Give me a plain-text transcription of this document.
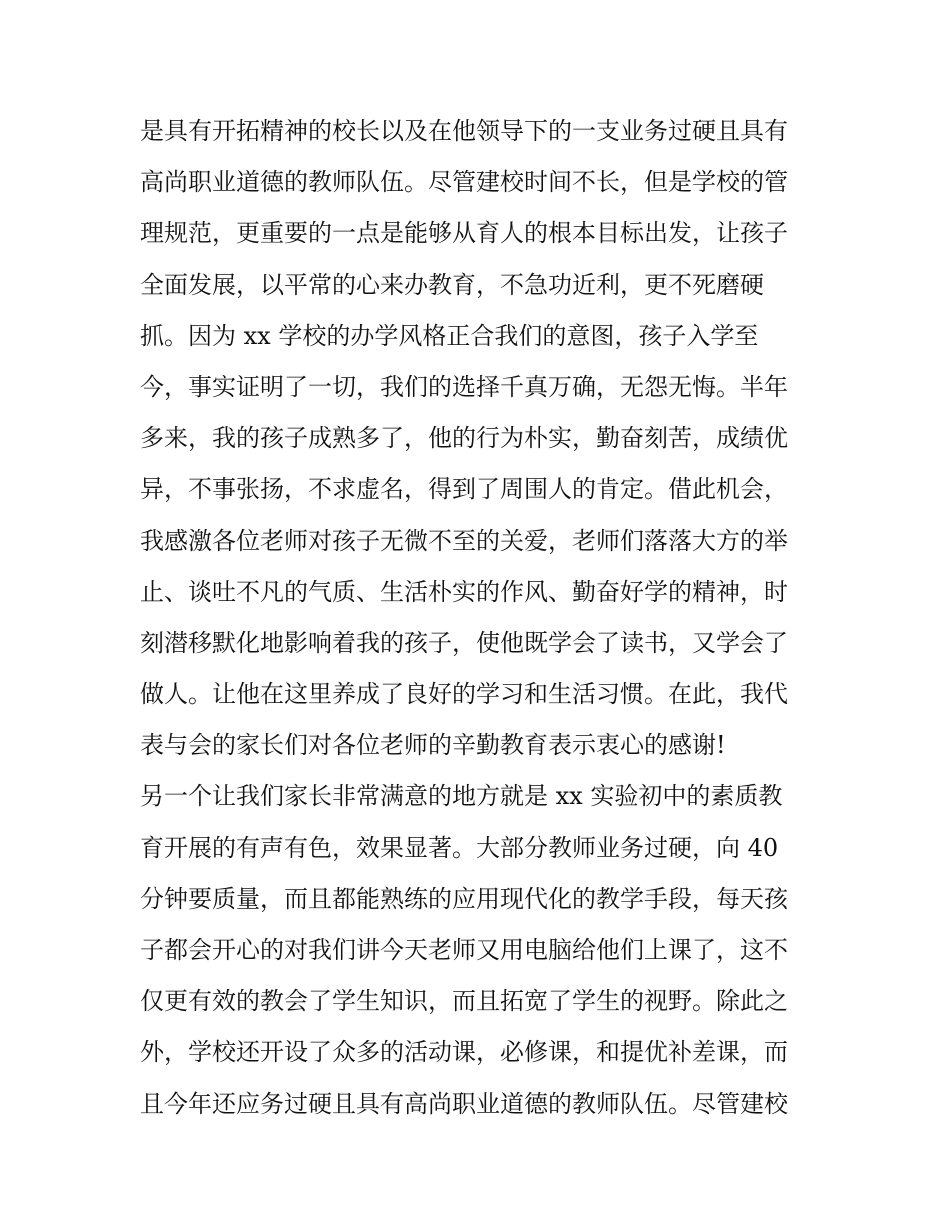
是具有开拓精神的校长以及在他领导下的一支业务过硬且具有
高尚职业道德的教师队伍。尽管建校时间不长，但是学校的管
理规范，更重要的一点是能够从育人的根本目标出发，让孩子
全面发展，以平常的心来办教育，不急功近利，更不死磨硬
抓。因为 xx 学校的办学风格正合我们的意图，孩子入学至
今，事实证明了一切，我们的选择千真万确，无怨无悔。半年
多来，我的孩子成熟多了，他的行为朴实，勤奋刻苦，成绩优
异，不事张扬，不求虚名，得到了周围人的肯定。借此机会，
我感激各位老师对孩子无微不至的关爱，老师们落落大方的举
止、谈吐不凡的气质、生活朴实的作风、勤奋好学的精神，时
刻潜移默化地影响着我的孩子，使他既学会了读书，又学会了
做人。让他在这里养成了良好的学习和生活习惯。在此，我代
表与会的家长们对各位老师的辛勤教育表示衷心的感谢!
另一个让我们家长非常满意的地方就是 xx 实验初中的素质教
育开展的有声有色，效果显著。大部分教师业务过硬，向 40
分钟要质量，而且都能熟练的应用现代化的教学手段，每天孩
子都会开心的对我们讲今天老师又用电脑给他们上课了，这不
仅更有效的教会了学生知识，而且拓宽了学生的视野。除此之
外，学校还开设了众多的活动课，必修课，和提优补差课，而
且今年还应务过硬且具有高尚职业道德的教师队伍。尽管建校
